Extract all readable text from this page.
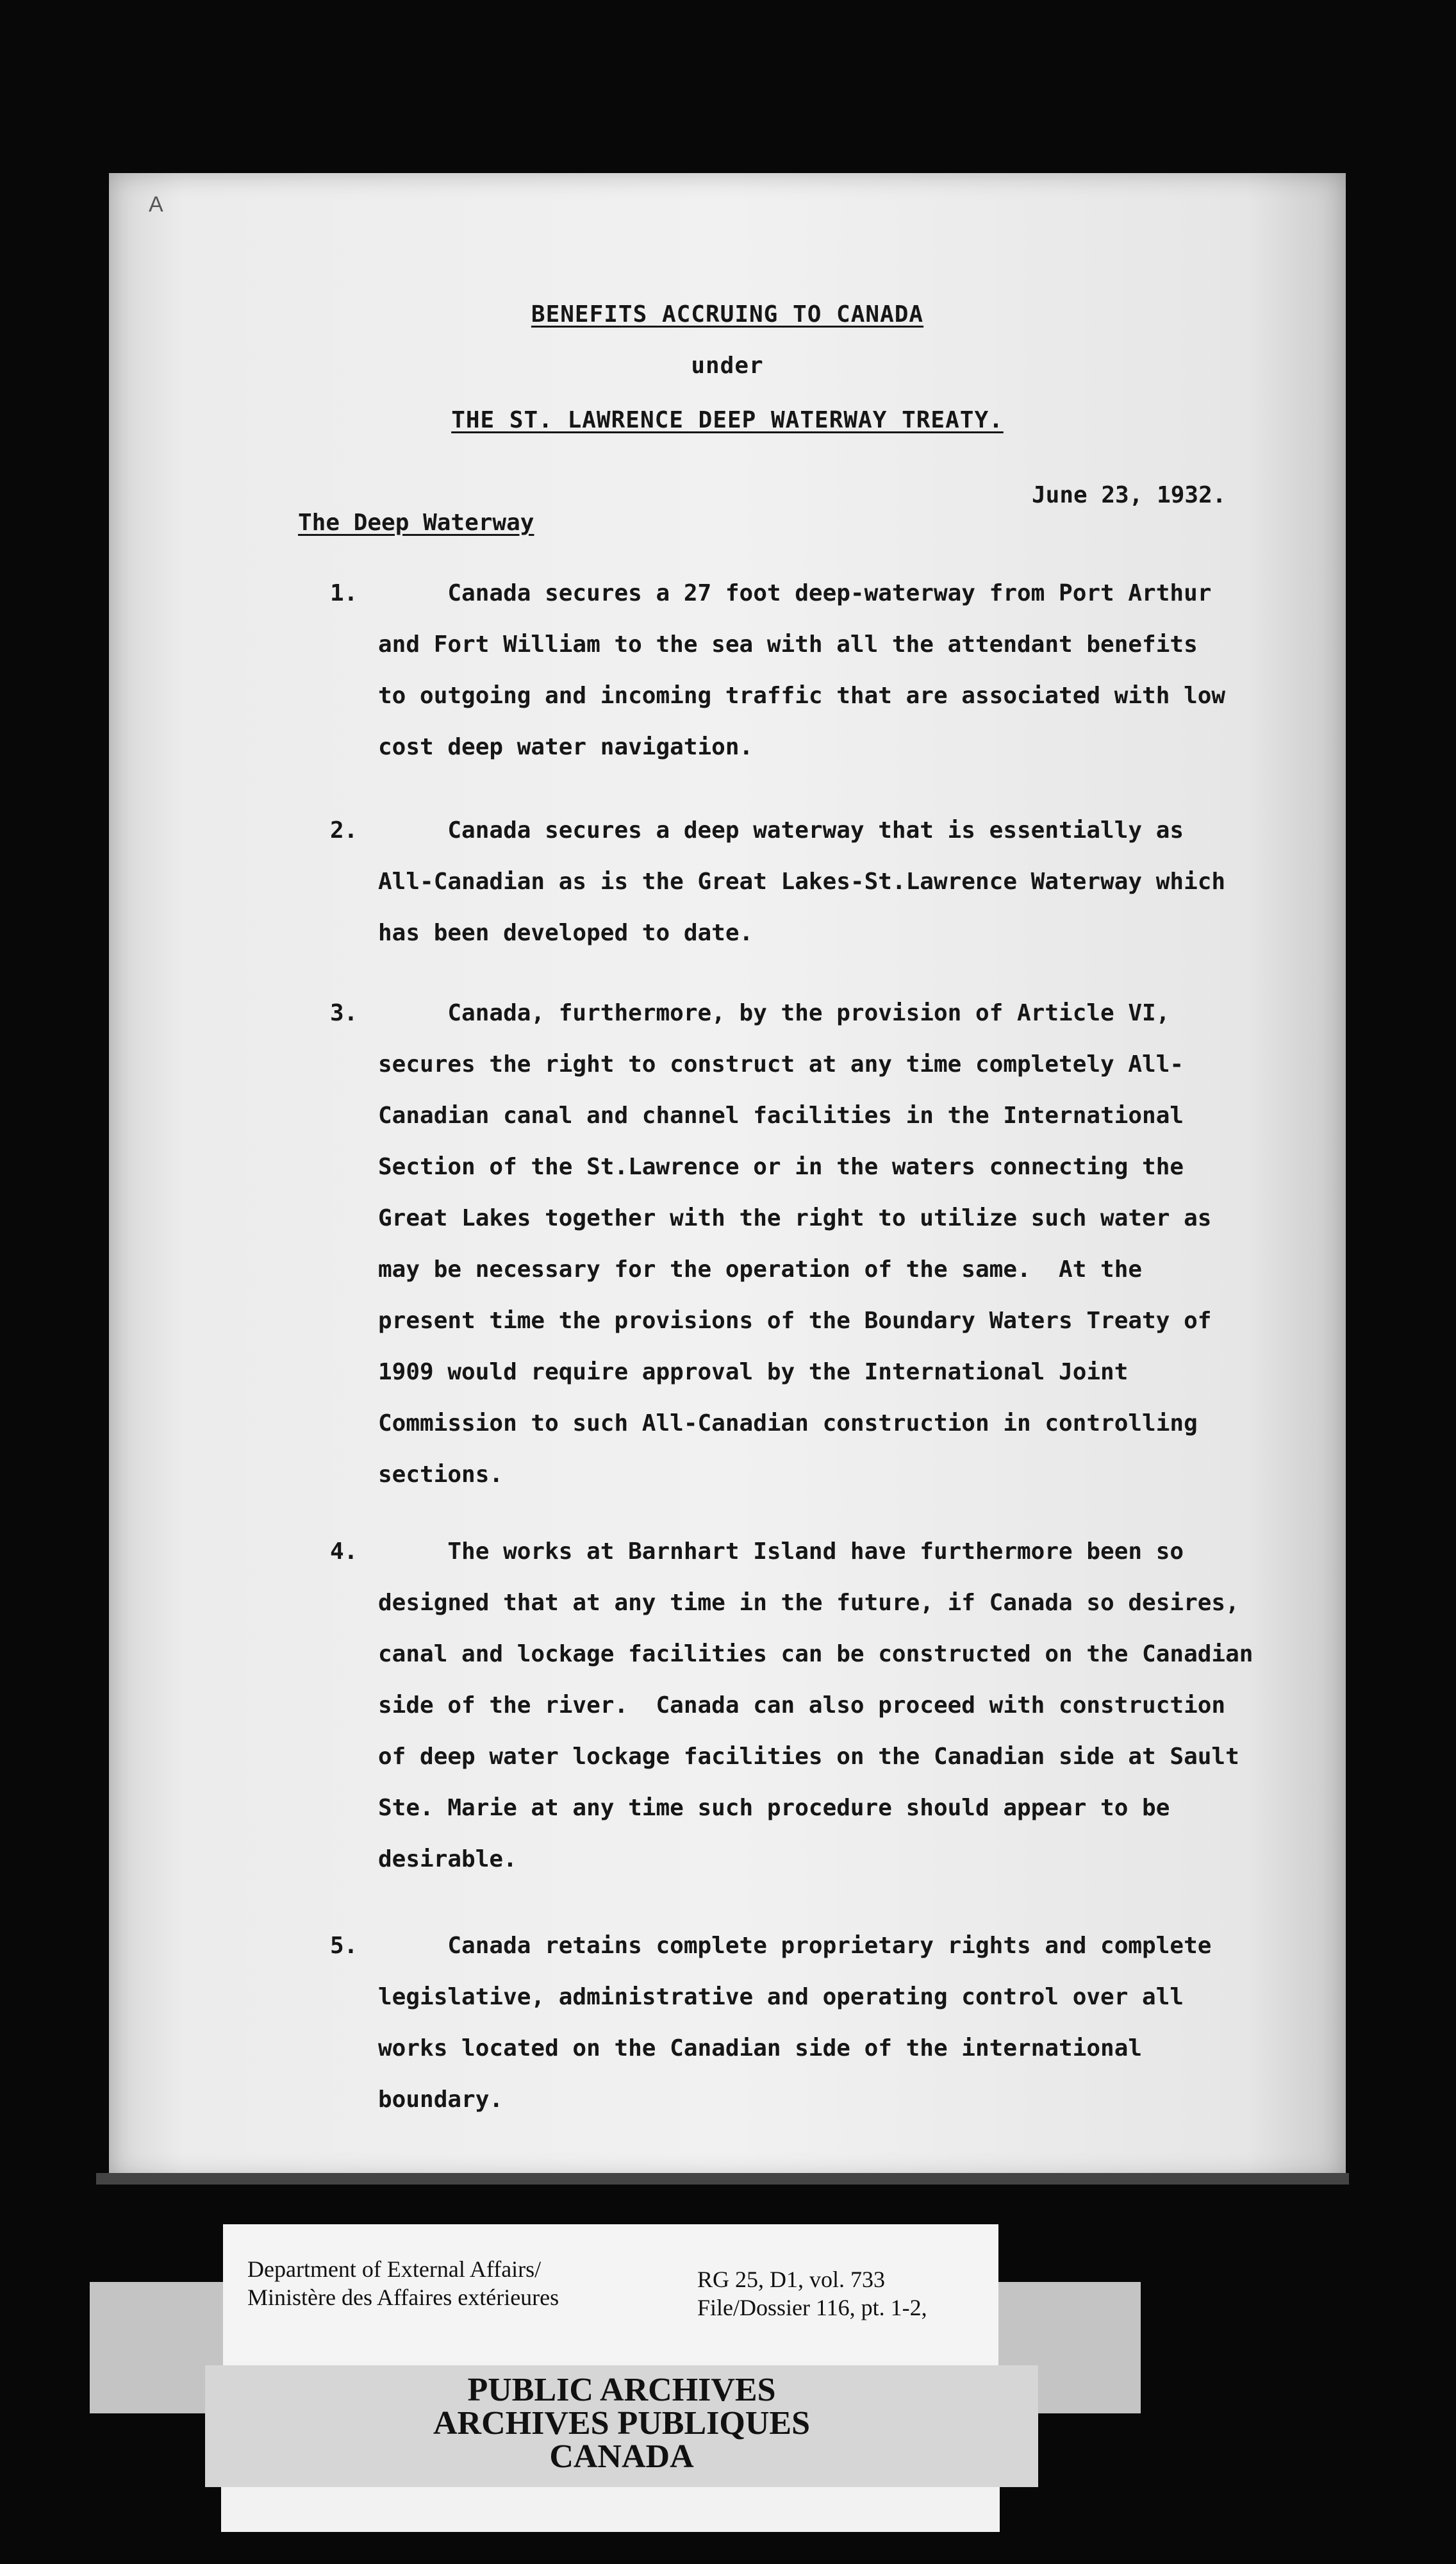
A
BENEFITS ACCRUING TO CANADA
under
THE ST. LAWRENCE DEEP WATERWAY TREATY.
June 23, 1932.
The Deep Waterway
1. Canada secures a 27 foot deep-waterway from Port Arthur
and Fort William to the sea with all the attendant benefits
to outgoing and incoming traffic that are associated with low
cost deep water navigation.
2. Canada secures a deep waterway that is essentially as
All-Canadian as is the Great Lakes-St.Lawrence Waterway which
has been developed to date.
3. Canada, furthermore, by the provision of Article VI,
secures the right to construct at any time completely All-
Canadian canal and channel facilities in the International
Section of the St.Lawrence or in the waters connecting the
Great Lakes together with the right to utilize such water as
may be necessary for the operation of the same.  At the
present time the provisions of the Boundary Waters Treaty of
1909 would require approval by the International Joint
Commission to such All-Canadian construction in controlling
sections.
4. The works at Barnhart Island have furthermore been so
designed that at any time in the future, if Canada so desires,
canal and lockage facilities can be constructed on the Canadian
side of the river.  Canada can also proceed with construction
of deep water lockage facilities on the Canadian side at Sault
Ste. Marie at any time such procedure should appear to be
desirable.
5. Canada retains complete proprietary rights and complete
legislative, administrative and operating control over all
works located on the Canadian side of the international
boundary.
Department of External Affairs/
Ministère des Affaires extérieures
RG 25, D1, vol. 733
File/Dossier 116, pt. 1-2,
PUBLIC ARCHIVES
ARCHIVES PUBLIQUES
CANADA
